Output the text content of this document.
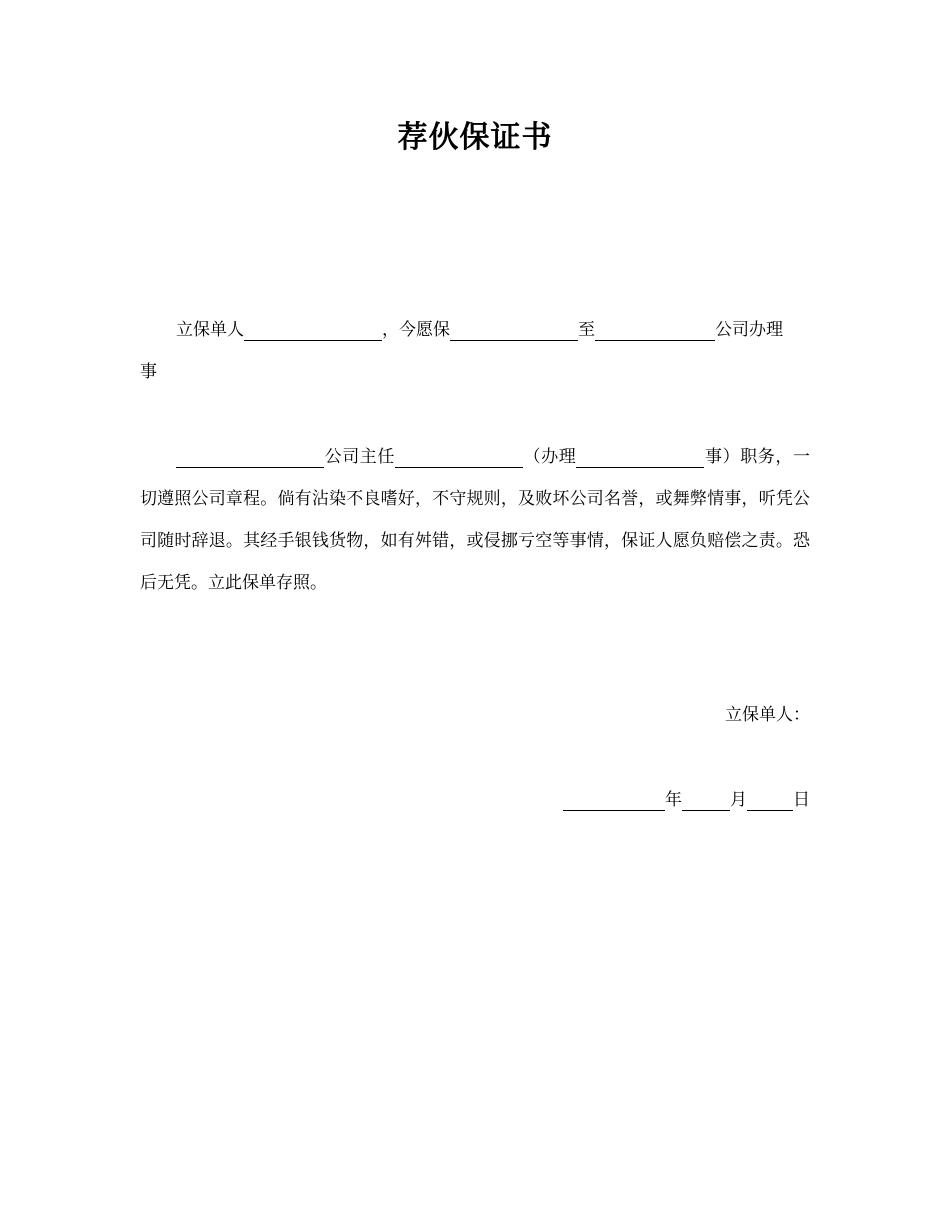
荐伙保证书
立保单人	，今愿保	至	公司办理
事
公司主任	（办理	事）职务，一切遵照公司章程。倘有沾染不良嗜好，不守规则，及败坏公司名誉，或舞弊情事，听凭公司随时辞退。其经手银钱货物，如有舛错，或侵挪亏空等事情，保证人愿负赔偿之责。恐后无凭。立此保单存照。
立保单人：
年	月	日
